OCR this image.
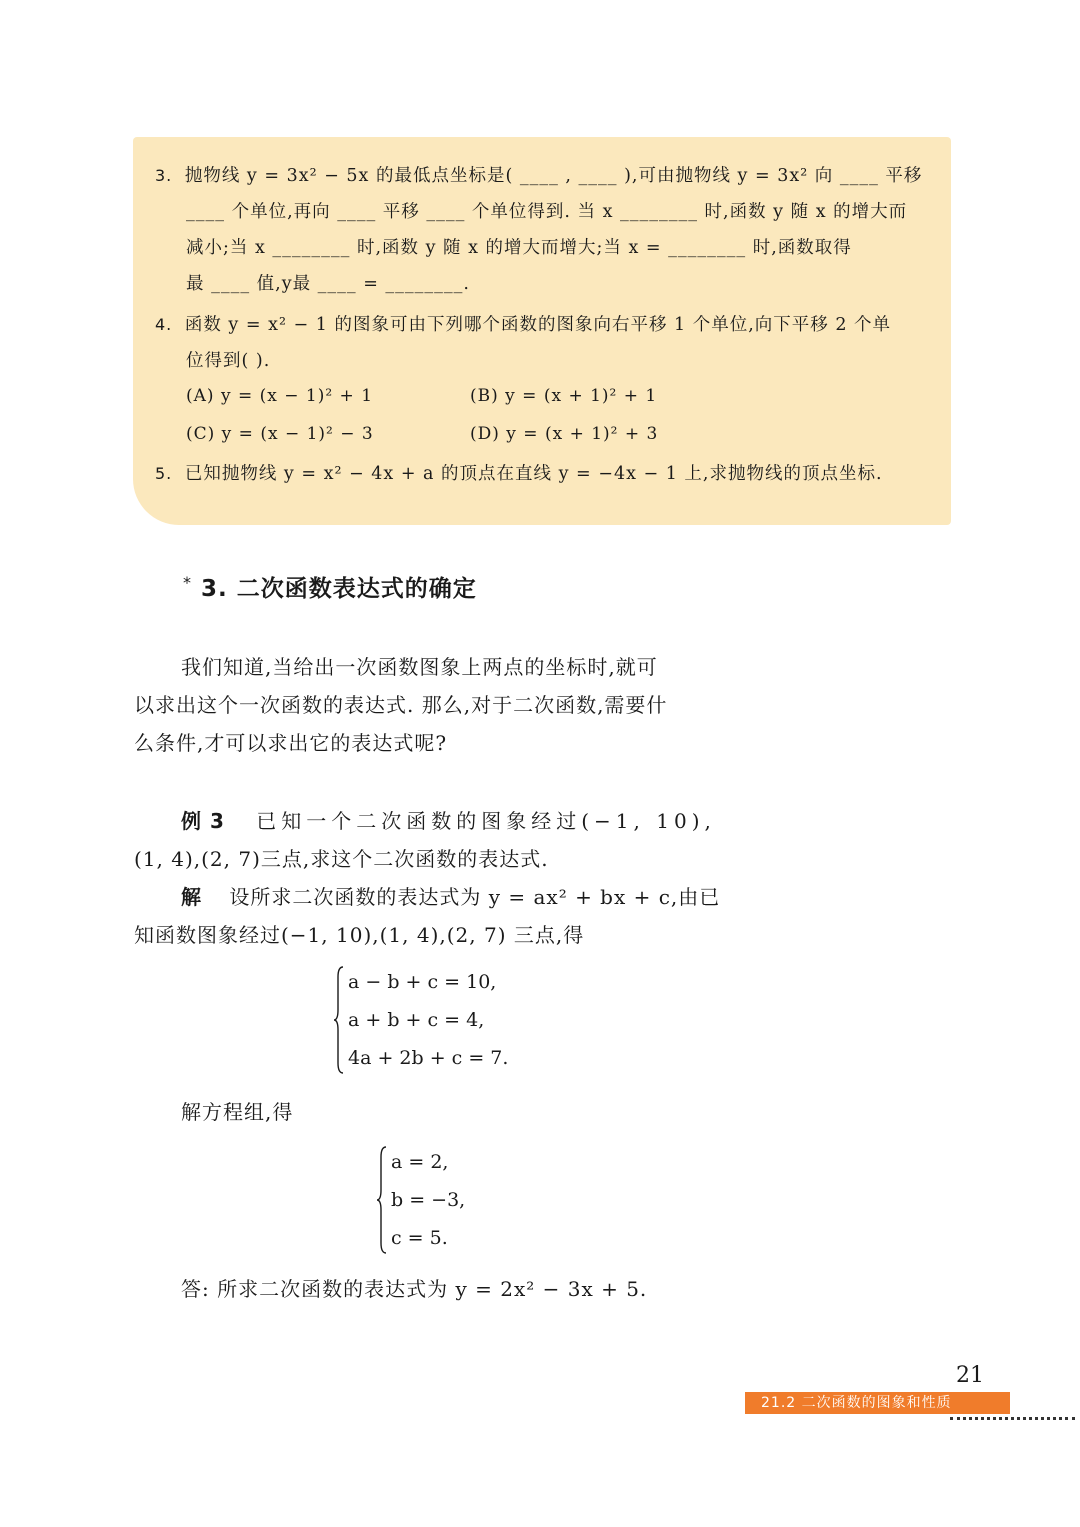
3. 抛物线 y = 3x² − 5x 的最低点坐标是( ____ , ____ ),可由抛物线 y = 3x² 向 ____ 平移
____ 个单位,再向 ____ 平移 ____ 个单位得到. 当 x ________ 时,函数 y 随 x 的增大而
减小;当 x ________ 时,函数 y 随 x 的增大而增大;当 x = ________ 时,函数取得
最 ____ 值,y最 ____ = ________.
4. 函数 y = x² − 1 的图象可由下列哪个函数的图象向右平移 1 个单位,向下平移 2 个单
位得到( ).
(A) y = (x − 1)² + 1	(B) y = (x + 1)² + 1
(C) y = (x − 1)² − 3	(D) y = (x + 1)² + 3
5. 已知抛物线 y = x² − 4x + a 的顶点在直线 y = −4x − 1 上,求抛物线的顶点坐标.
* 3. 二次函数表达式的确定
我们知道,当给出一次函数图象上两点的坐标时,就可
以求出这个一次函数的表达式. 那么,对于二次函数,需要什
么条件,才可以求出它的表达式呢?
例 3 已知一个二次函数的图象经过(−1, 10),
(1, 4),(2, 7)三点,求这个二次函数的表达式.
解 设所求二次函数的表达式为 y = ax² + bx + c,由已
知函数图象经过(−1, 10),(1, 4),(2, 7) 三点,得
a − b + c = 10,
a + b + c = 4,
4a + 2b + c = 7.
解方程组,得
a = 2,
b = −3,
c = 5.
答: 所求二次函数的表达式为 y = 2x² − 3x + 5.
21
21.2 二次函数的图象和性质
